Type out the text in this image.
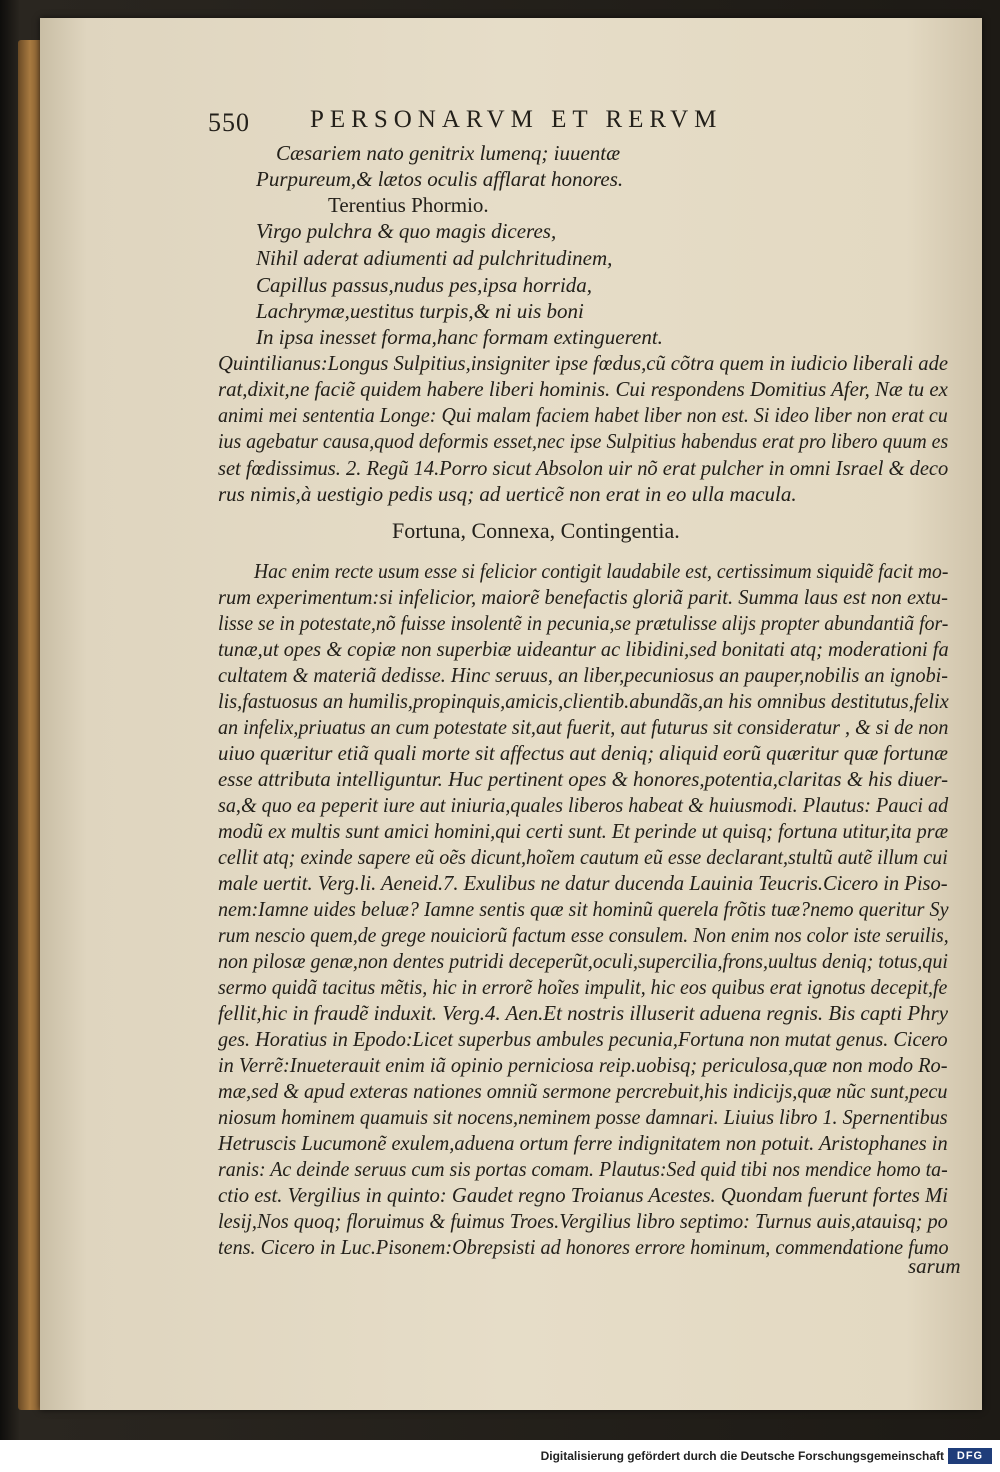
550 PERSONARVM ET RERVM
Cæsariem nato genitrix lumenq; iuuentæ
Purpureum,& lætos oculis afflarat honores.
Terentius Phormio.
Virgo pulchra & quo magis diceres,
Nihil aderat adiumenti ad pulchritudinem,
Capillus passus,nudus pes,ipsa horrida,
Lachrymæ,uestitus turpis,& ni uis boni
In ipsa inesset forma,hanc formam extinguerent.
Quintilianus:Longus Sulpitius,insigniter ipse fœdus,cũ cõtra quem in iudicio liberali ade
rat,dixit,ne faciẽ quidem habere liberi hominis. Cui respondens Domitius Afer, Næ tu ex
animi mei sententia Longe: Qui malam faciem habet liber non est. Si ideo liber non erat cu
ius agebatur causa,quod deformis esset,nec ipse Sulpitius habendus erat pro libero quum es
set fœdissimus. 2. Regũ 14.Porro sicut Absolon uir nõ erat pulcher in omni Israel & deco
rus nimis,à uestigio pedis usq; ad uerticẽ non erat in eo ulla macula.
Fortuna, Connexa, Contingentia.
Hac enim recte usum esse si felicior contigit laudabile est, certissimum siquidẽ facit mo-
rum experimentum:si infelicior, maiorẽ benefactis gloriã parit. Summa laus est non extu-
lisse se in potestate,nõ fuisse insolentẽ in pecunia,se prætulisse alijs propter abundantiã for-
tunæ,ut opes & copiæ non superbiæ uideantur ac libidini,sed bonitati atq; moderationi fa
cultatem & materiã dedisse. Hinc seruus, an liber,pecuniosus an pauper,nobilis an ignobi-
lis,fastuosus an humilis,propinquis,amicis,clientib.abundãs,an his omnibus destitutus,felix
an infelix,priuatus an cum potestate sit,aut fuerit, aut futurus sit consideratur , & si de non
uiuo quæritur etiã quali morte sit affectus aut deniq; aliquid eorũ quæritur quæ fortunæ
esse attributa intelliguntur. Huc pertinent opes & honores,potentia,claritas & his diuer-
sa,& quo ea peperit iure aut iniuria,quales liberos habeat & huiusmodi. Plautus: Pauci ad
modũ ex multis sunt amici homini,qui certi sunt. Et perinde ut quisq; fortuna utitur,ita præ
cellit atq; exinde sapere eũ oẽs dicunt,hoĩem cautum eũ esse declarant,stultũ autẽ illum cui
male uertit. Verg.li. Aeneid.7. Exulibus ne datur ducenda Lauinia Teucris.Cicero in Piso-
nem:Iamne uides beluæ? Iamne sentis quæ sit hominũ querela frõtis tuæ?nemo queritur Sy
rum nescio quem,de grege nouiciorũ factum esse consulem. Non enim nos color iste seruilis,
non pilosæ genæ,non dentes putridi deceperũt,oculi,supercilia,frons,uultus deniq; totus,qui
sermo quidã tacitus mẽtis, hic in errorẽ hoĩes impulit, hic eos quibus erat ignotus decepit,fe
fellit,hic in fraudẽ induxit. Verg.4. Aen.Et nostris illuserit aduena regnis. Bis capti Phry
ges. Horatius in Epodo:Licet superbus ambules pecunia,Fortuna non mutat genus. Cicero
in Verrẽ:Inueterauit enim iã opinio perniciosa reip.uobisq; periculosa,quæ non modo Ro-
mæ,sed & apud exteras nationes omniũ sermone percrebuit,his indicijs,quæ nũc sunt,pecu
niosum hominem quamuis sit nocens,neminem posse damnari. Liuius libro 1. Spernentibus
Hetruscis Lucumonẽ exulem,aduena ortum ferre indignitatem non potuit. Aristophanes in
ranis: Ac deinde seruus cum sis portas comam. Plautus:Sed quid tibi nos mendice homo ta-
ctio est. Vergilius in quinto: Gaudet regno Troianus Acestes. Quondam fuerunt fortes Mi
lesij,Nos quoq; floruimus & fuimus Troes.Vergilius libro septimo: Turnus auis,atauisq; po
tens. Cicero in Luc.Pisonem:Obrepsisti ad honores errore hominum, commendatione fumo
sarum
Digitalisierung gefördert durch die Deutsche Forschungsgemeinschaft	DFG
